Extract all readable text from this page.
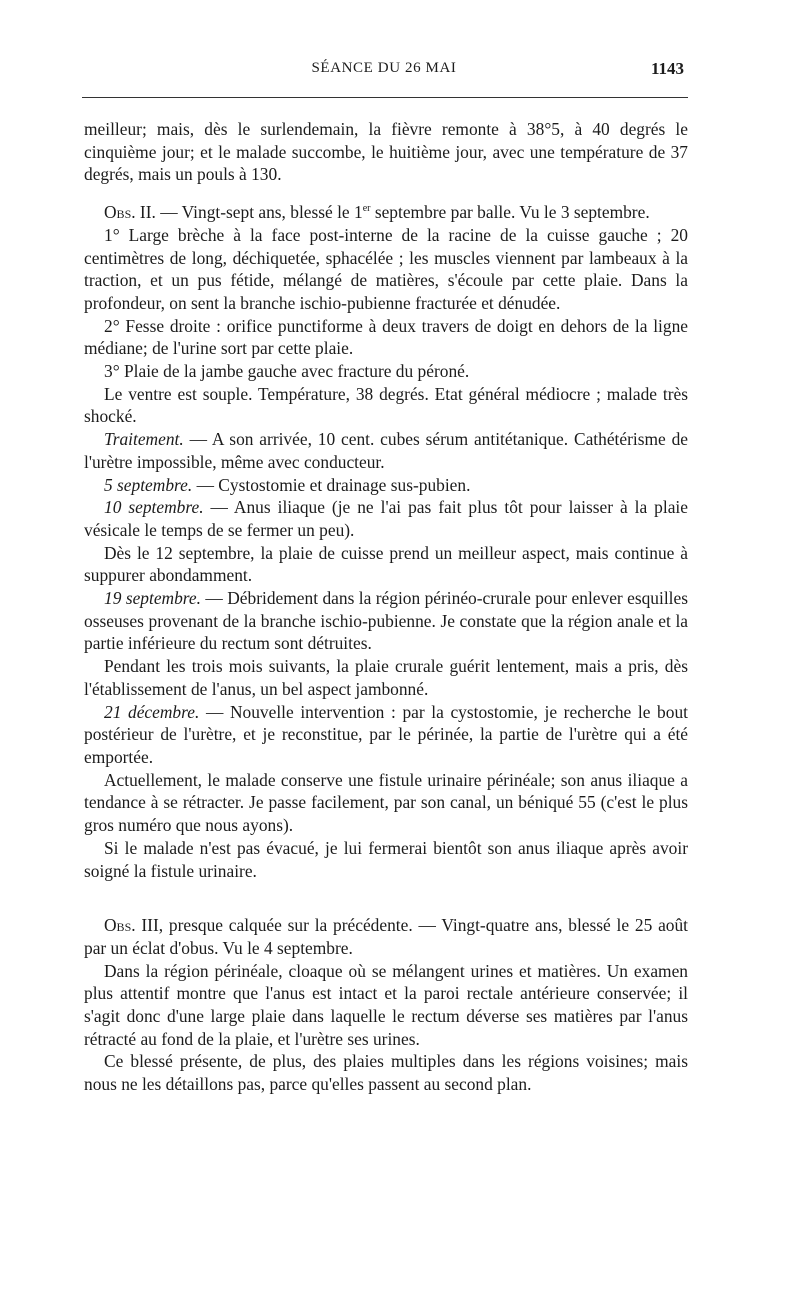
SÉANCE DU 26 MAI	1143

meilleur; mais, dès le surlendemain, la fièvre remonte à 38°5, à 40 degrés le cinquième jour; et le malade succombe, le huitième jour, avec une température de 37 degrés, mais un pouls à 130.

Obs. II. — Vingt-sept ans, blessé le 1er septembre par balle. Vu le 3 septembre.

1° Large brèche à la face post-interne de la racine de la cuisse gauche ; 20 centimètres de long, déchiquetée, sphacélée ; les muscles viennent par lambeaux à la traction, et un pus fétide, mélangé de matières, s'écoule par cette plaie. Dans la profondeur, on sent la branche ischio-pubienne fracturée et dénudée.

2° Fesse droite : orifice punctiforme à deux travers de doigt en dehors de la ligne médiane; de l'urine sort par cette plaie.

3° Plaie de la jambe gauche avec fracture du péroné.

Le ventre est souple. Température, 38 degrés. Etat général médiocre ; malade très shocké.

Traitement. — A son arrivée, 10 cent. cubes sérum antitétanique. Cathétérisme de l'urètre impossible, même avec conducteur.

5 septembre. — Cystostomie et drainage sus-pubien.

10 septembre. — Anus iliaque (je ne l'ai pas fait plus tôt pour laisser à la plaie vésicale le temps de se fermer un peu).

Dès le 12 septembre, la plaie de cuisse prend un meilleur aspect, mais continue à suppurer abondamment.

19 septembre. — Débridement dans la région périnéo-crurale pour enlever esquilles osseuses provenant de la branche ischio-pubienne. Je constate que la région anale et la partie inférieure du rectum sont détruites.

Pendant les trois mois suivants, la plaie crurale guérit lentement, mais a pris, dès l'établissement de l'anus, un bel aspect jambonné.

21 décembre. — Nouvelle intervention : par la cystostomie, je recherche le bout postérieur de l'urètre, et je reconstitue, par le périnée, la partie de l'urètre qui a été emportée.

Actuellement, le malade conserve une fistule urinaire périnéale; son anus iliaque a tendance à se rétracter. Je passe facilement, par son canal, un béniqué 55 (c'est le plus gros numéro que nous ayons).

Si le malade n'est pas évacué, je lui fermerai bientôt son anus iliaque après avoir soigné la fistule urinaire.

Obs. III, presque calquée sur la précédente. — Vingt-quatre ans, blessé le 25 août par un éclat d'obus. Vu le 4 septembre.

Dans la région périnéale, cloaque où se mélangent urines et matières. Un examen plus attentif montre que l'anus est intact et la paroi rectale antérieure conservée; il s'agit donc d'une large plaie dans laquelle le rectum déverse ses matières par l'anus rétracté au fond de la plaie, et l'urètre ses urines.

Ce blessé présente, de plus, des plaies multiples dans les régions voisines; mais nous ne les détaillons pas, parce qu'elles passent au second plan.
